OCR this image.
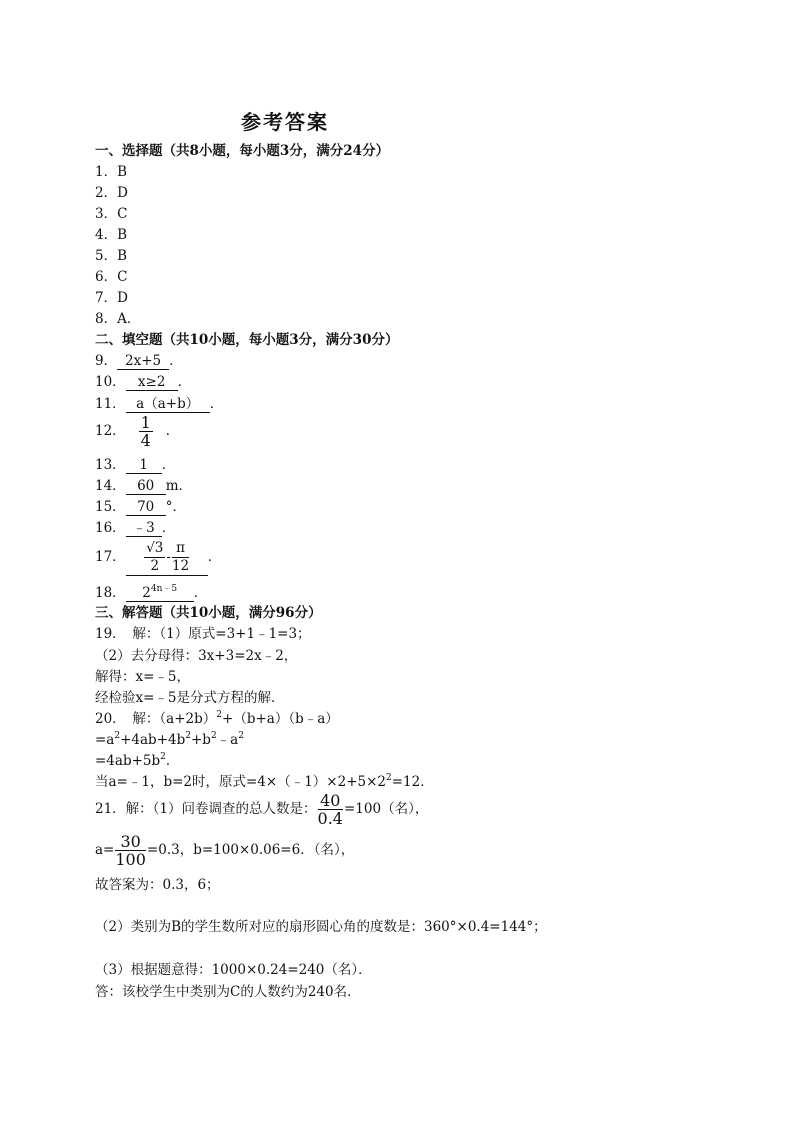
参考答案
一、选择题（共8小题，每小题3分，满分24分）
1．B
2．D
3．C
4．B
5．B
6．C
7．D
8．A．
二、填空题（共10小题，每小题3分，满分30分）
9． 2x+5 ．
10． x≥2 ．
11． a（a+b） ．
12． $\frac{1}{4}$ ．
13． 1 ．
14． 60 m．
15． 70 °．
16． ﹣3 ．
17． $\frac{√3}{2} - \frac{\pi}{12}$ ．
18． $2^{4n﹣5}$ ．
三、解答题（共10小题，满分96分）
19．　解：（1）原式=3+1﹣1=3；
（2）去分母得：3x+3=2x﹣2，
解得：x=﹣5，
经检验x=﹣5是分式方程的解．
20．　解：$(a+2b)^2+(b+a)(b﹣a)$
$=a^2+4ab+4b^2+b^2﹣a^2$
$=4ab+5b^2$．
当a=﹣1，b=2时，原式$=4\times(﹣1)\times 2+5\times 2^2=12$．
21．解：（1）问卷调查的总人数是： $\frac{40}{0.4} =100$（名），
$a= \frac{30}{100} =0.3$，b=100×0.06=6．（名），
故答案为：0.3，6；
（2）类别为B的学生数所对应的扇形圆心角的度数是：360°×0.4=144°；
（3）根据题意得：1000×0.24=240（名）．
答：该校学生中类别为C的人数约为240名．
